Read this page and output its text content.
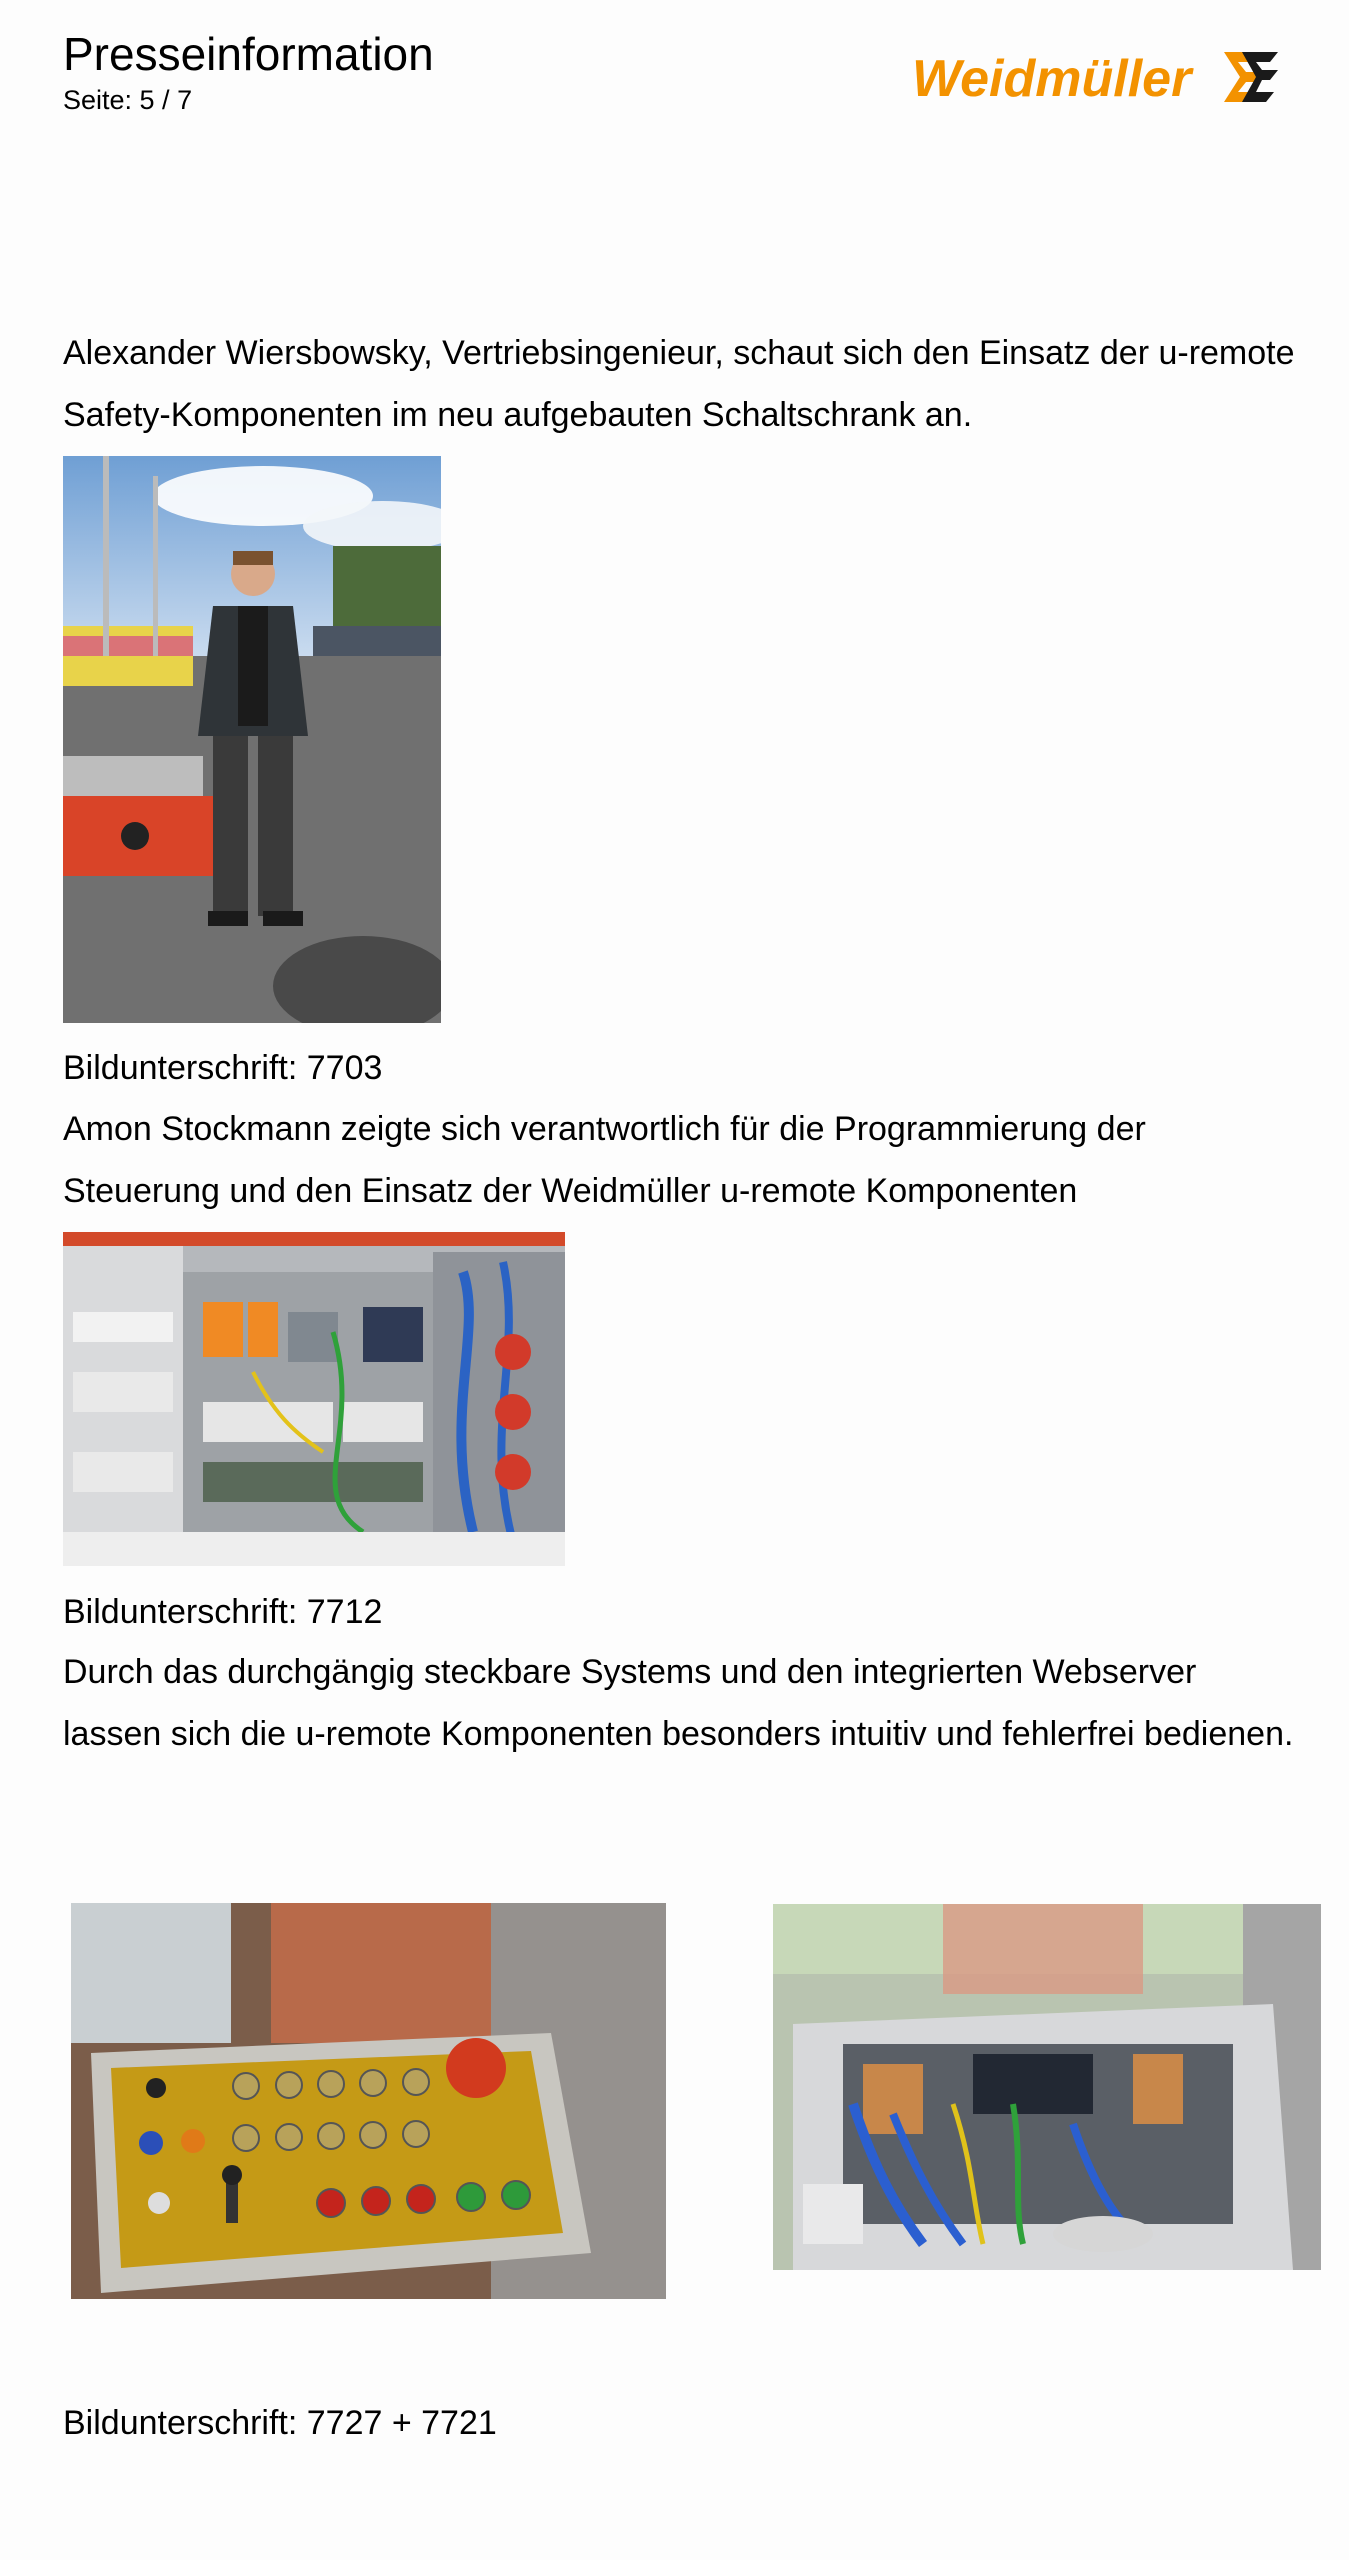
Presseinformation
Seite: 5 / 7	Weidmüller

Alexander Wiersbowsky, Vertriebsingenieur, schaut sich den Einsatz der u-remote Safety-Komponenten im neu aufgebauten Schaltschrank an.

Bildunterschrift: 7703

Amon Stockmann zeigte sich verantwortlich für die Programmierung der Steuerung und den Einsatz der Weidmüller u-remote Komponenten

Bildunterschrift: 7712

Durch das durchgängig steckbare Systems und den integrierten Webserver lassen sich die u-remote Komponenten besonders intuitiv und fehlerfrei bedienen.

Bildunterschrift: 7727 + 7721
